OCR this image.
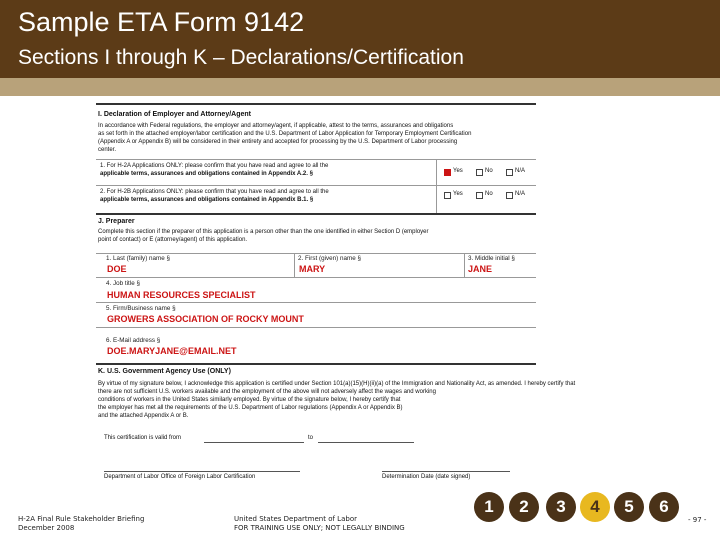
Sample ETA Form 9142
Sections I through K – Declarations/Certification
I. Declaration of Employer and Attorney/Agent
In accordance with Federal regulations, the employer and attorney/agent, if applicable, attest to the terms, assurances and obligations
as set forth in the attached employer/labor certification and the U.S. Department of Labor Application for Temporary Employment Certification
(Appendix A or Appendix B) will be considered in their entirety and accepted for processing by the U.S. Department of Labor processing
center.
1. For H-2A Applications ONLY: please confirm that you have read and agree to all the
applicable terms, assurances and obligations contained in Appendix A.2. §	Yes	No	N/A
2. For H-2B Applications ONLY: please confirm that you have read and agree to all the
applicable terms, assurances and obligations contained in Appendix B.1. §
Yes	No	N/A
J. Preparer
Complete this section if the preparer of this application is a person other than the one identified in either Section D (employer
point of contact) or E (attorney/agent) of this application.
1. Last (family) name §
DOE
2. First (given) name §
MARY
3. Middle initial §
JANE
4. Job title §
HUMAN RESOURCES SPECIALIST
5. Firm/Business name §
GROWERS ASSOCIATION OF ROCKY MOUNT
6. E-Mail address §
DOE.MARYJANE@EMAIL.NET
K. U.S. Government Agency Use (ONLY)
By virtue of my signature below, I acknowledge this application is certified under Section 101(a)(15)(H)(ii)(a) of the Immigration and Nationality Act, as amended. I hereby certify that
there are not sufficient U.S. workers available and the employment of the above will not adversely affect the wages and working
conditions of workers in the United States similarly employed. By virtue of the signature below, I hereby certify that
the employer has met all the requirements of the U.S. Department of Labor regulations (Appendix A or Appendix B)
and the attached Appendix A or B.
This certification is valid from	to
Department of Labor Office of Foreign Labor Certification	Determination Date (date signed)
H-2A Final Rule Stakeholder Briefing
December 2008
United States Department of Labor
FOR TRAINING USE ONLY; NOT LEGALLY BINDING
1	2	3	4	5	6
- 97 -
